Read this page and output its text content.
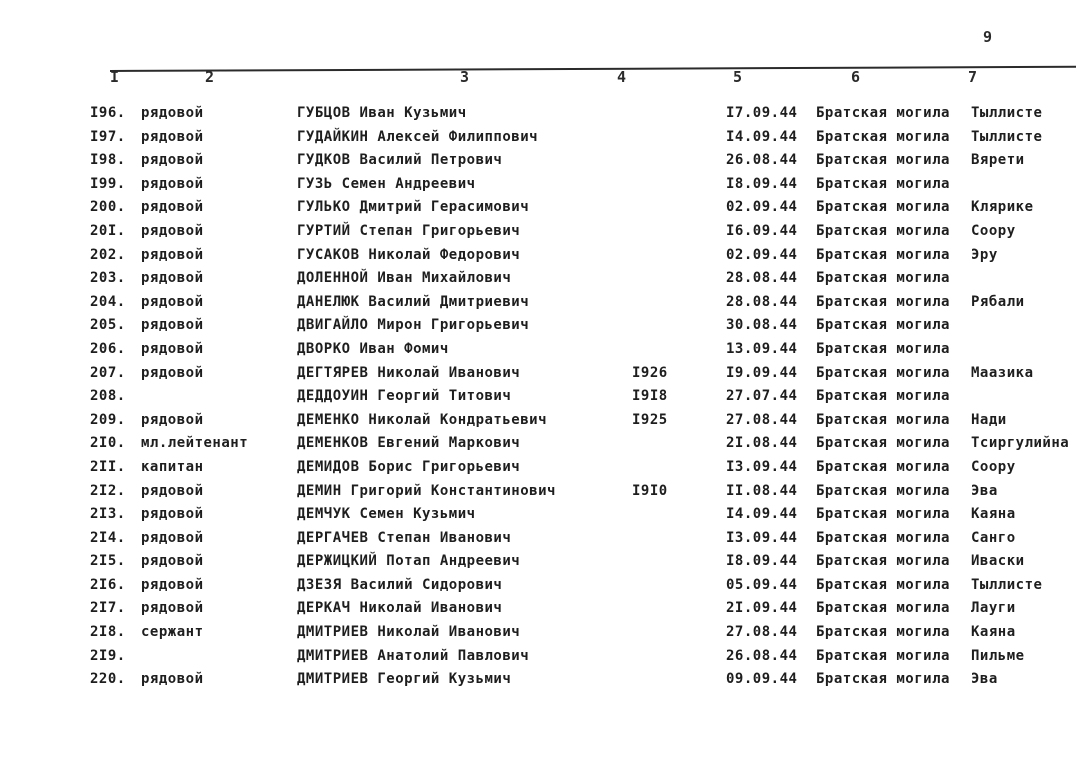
9
I	2	3	4	5	6	7
I96. рядовой	ГУБЦОВ Иван Кузьмич	I7.09.44 Братская могила Тыллисте
I97. рядовой	ГУДАЙКИН Алексей Филиппович	I4.09.44 Братская могила Тыллисте
I98. рядовой	ГУДКОВ Василий Петрович	26.08.44 Братская могила Вярети
I99. рядовой	ГУЗЬ Семен Андреевич	I8.09.44 Братская могила
200. рядовой	ГУЛЬКО Дмитрий Герасимович	02.09.44 Братская могила Клярике
20I. рядовой	ГУРТИЙ Степан Григорьевич	I6.09.44 Братская могила Соору
202. рядовой	ГУСАКОВ Николай Федорович	02.09.44 Братская могила Эру
203. рядовой	ДОЛЕННОЙ Иван Михайлович	28.08.44 Братская могила
204. рядовой	ДАНЕЛЮК Василий Дмитриевич	28.08.44 Братская могила Рябали
205. рядовой	ДВИГАЙЛО Мирон Григорьевич	30.08.44 Братская могила
206. рядовой	ДВОРКО Иван Фомич	13.09.44 Братская могила
207. рядовой	ДЕГТЯРЕВ Николай Иванович	I926	I9.09.44 Братская могила Маазика
208.	ДЕДДОУИН Георгий Титович	I9I8	27.07.44 Братская могила
209. рядовой	ДЕМЕНКО Николай Кондратьевич	I925	27.08.44 Братская могила Нади
2I0. мл.лейтенант	ДЕМЕНКОВ Евгений Маркович	2I.08.44 Братская могила Тсиргулийна
2II. капитан	ДЕМИДОВ Борис Григорьевич	I3.09.44 Братская могила Соору
2I2. рядовой	ДЕМИН Григорий Константинович	I9I0	II.08.44 Братская могила Эва
2I3. рядовой	ДЕМЧУК Семен Кузьмич	I4.09.44 Братская могила Каяна
2I4. рядовой	ДЕРГАЧЕВ Степан Иванович	I3.09.44 Братская могила Санго
2I5. рядовой	ДЕРЖИЦКИЙ Потап Андреевич	I8.09.44 Братская могила Иваски
2I6. рядовой	ДЗЕЗЯ Василий Сидорович	05.09.44 Братская могила Тыллисте
2I7. рядовой	ДЕРКАЧ Николай Иванович	2I.09.44 Братская могила Лауги
2I8. сержант	ДМИТРИЕВ Николай Иванович	27.08.44 Братская могила Каяна
2I9.	ДМИТРИЕВ Анатолий Павлович	26.08.44 Братская могила Пильме
220. рядовой	ДМИТРИЕВ Георгий Кузьмич	09.09.44 Братская могила Эва
